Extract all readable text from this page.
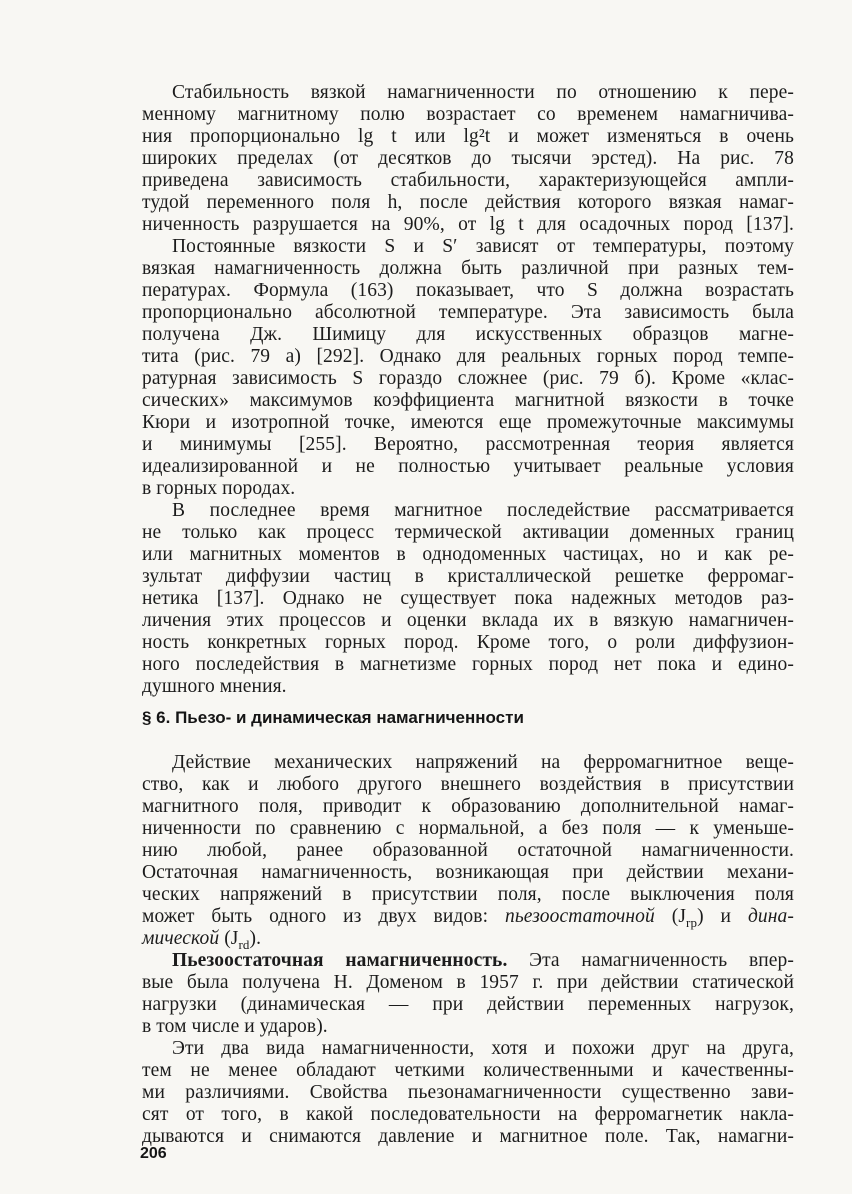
Стабильность вязкой намагниченности по отношению к пере-
менному магнитному полю возрастает со временем намагничива-
ния пропорционально lg t или lg²t и может изменяться в очень
широких пределах (от десятков до тысячи эрстед). На рис. 78
приведена зависимость стабильности, характеризующейся ампли-
тудой переменного поля h, после действия которого вязкая намаг-
ниченность разрушается на 90%, от lg t для осадочных пород [137].
Постоянные вязкости S и S′ зависят от температуры, поэтому
вязкая намагниченность должна быть различной при разных тем-
пературах. Формула (163) показывает, что S должна возрастать
пропорционально абсолютной температуре. Эта зависимость была
получена Дж. Шимицу для искусственных образцов магне-
тита (рис. 79 а) [292]. Однако для реальных горных пород темпе-
ратурная зависимость S гораздо сложнее (рис. 79 б). Кроме «клас-
сических» максимумов коэффициента магнитной вязкости в точке
Кюри и изотропной точке, имеются еще промежуточные максимумы
и минимумы [255]. Вероятно, рассмотренная теория является
идеализированной и не полностью учитывает реальные условия
в горных породах.
В последнее время магнитное последействие рассматривается
не только как процесс термической активации доменных границ
или магнитных моментов в однодоменных частицах, но и как ре-
зультат диффузии частиц в кристаллической решетке ферромаг-
нетика [137]. Однако не существует пока надежных методов раз-
личения этих процессов и оценки вклада их в вязкую намагничен-
ность конкретных горных пород. Кроме того, о роли диффузион-
ного последействия в магнетизме горных пород нет пока и едино-
душного мнения.
§ 6. Пьезо- и динамическая намагниченности
Действие механических напряжений на ферромагнитное веще-
ство, как и любого другого внешнего воздействия в присутствии
магнитного поля, приводит к образованию дополнительной намаг-
ниченности по сравнению с нормальной, а без поля — к уменьше-
нию любой, ранее образованной остаточной намагниченности.
Остаточная намагниченность, возникающая при действии механи-
ческих напряжений в присутствии поля, после выключения поля
может быть одного из двух видов: пьезоостаточной $(J_{rp})$ и дина-
мической $(J_{rd})$.
Пьезоостаточная намагниченность. Эта намагниченность впер-
вые была получена Н. Доменом в 1957 г. при действии статической
нагрузки (динамическая — при действии переменных нагрузок,
в том числе и ударов).
Эти два вида намагниченности, хотя и похожи друг на друга,
тем не менее обладают четкими количественными и качественны-
ми различиями. Свойства пьезонамагниченности существенно зави-
сят от того, в какой последовательности на ферромагнетик накла-
дываются и снимаются давление и магнитное поле. Так, намагни-
206
